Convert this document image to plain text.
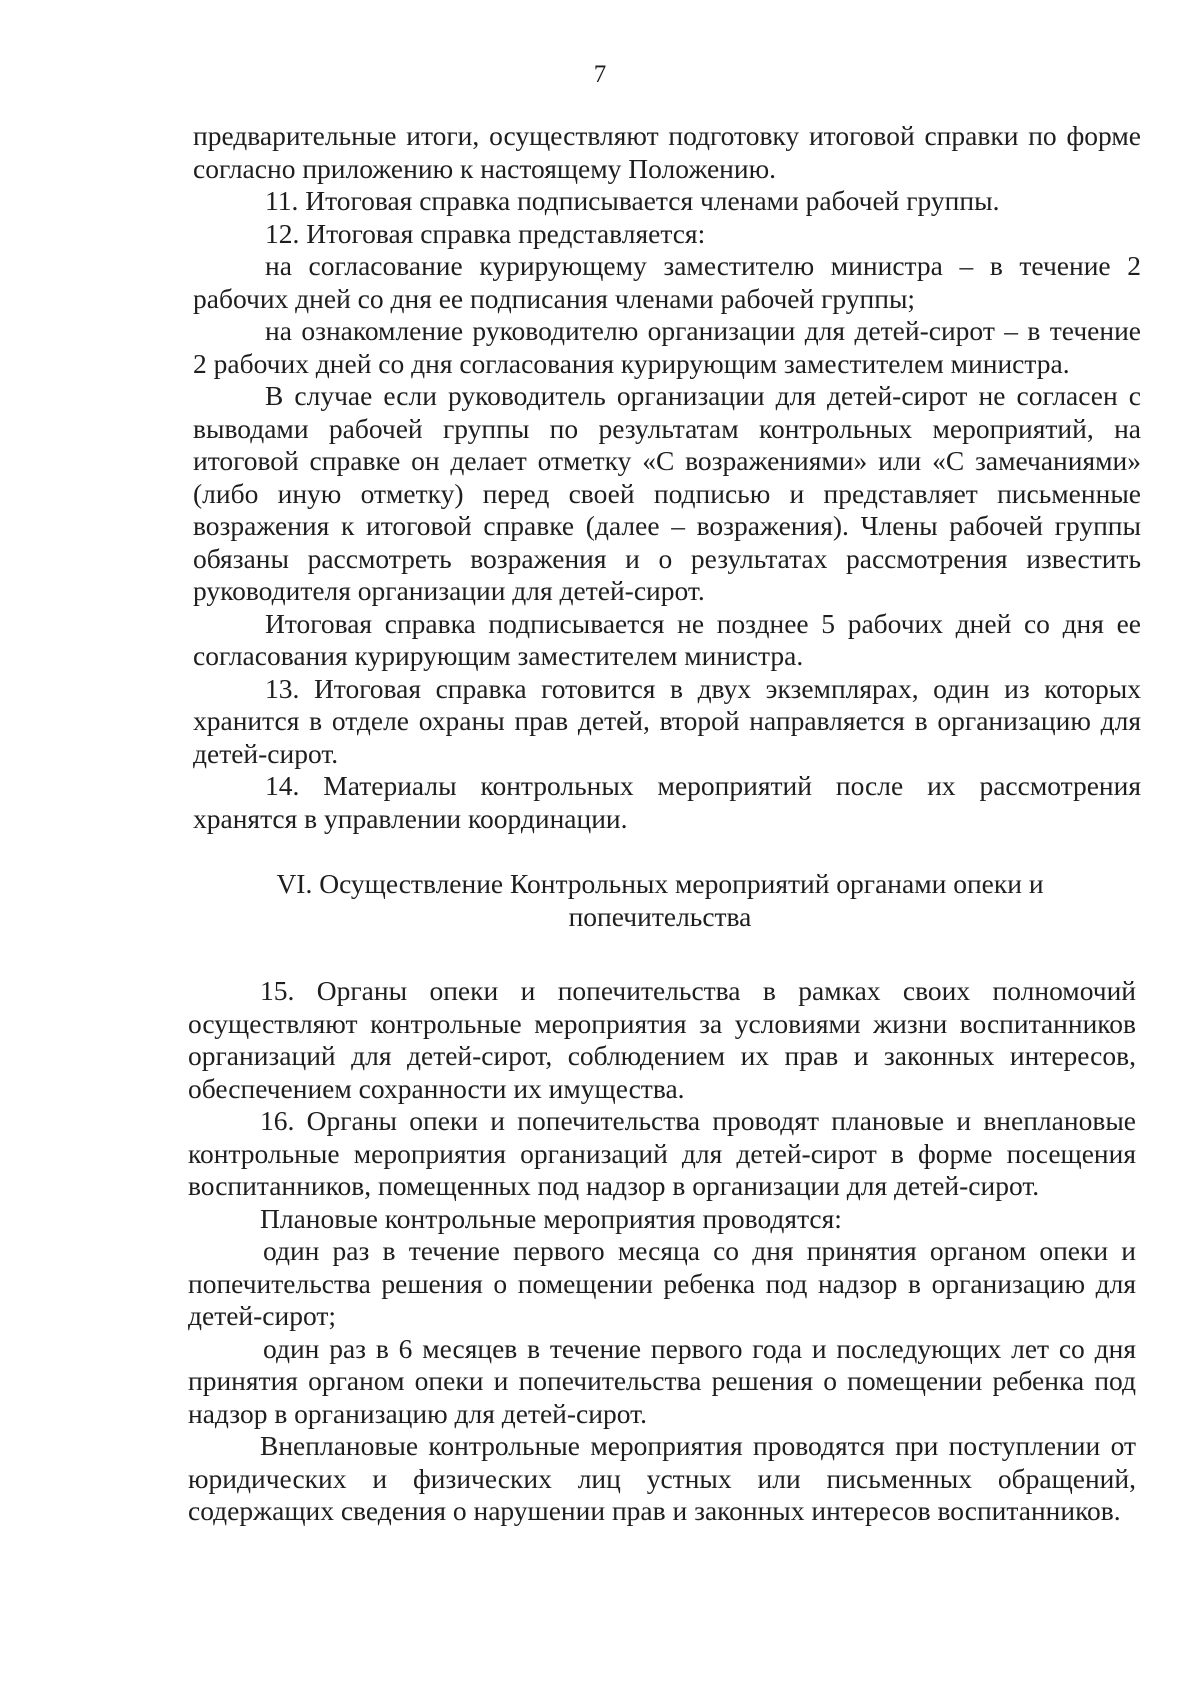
7

предварительные итоги, осуществляют подготовку итоговой справки по форме согласно приложению к настоящему Положению.

11. Итоговая справка подписывается членами рабочей группы.

12. Итоговая справка представляется:

на согласование курирующему заместителю министра – в течение 2 рабочих дней со дня ее подписания членами рабочей группы;

на ознакомление руководителю организации для детей-сирот – в течение 2 рабочих дней со дня согласования курирующим заместителем министра.

В случае если руководитель организации для детей-сирот не согласен с выводами рабочей группы по результатам контрольных мероприятий, на итоговой справке он делает отметку «С возражениями» или «С замечаниями» (либо иную отметку) перед своей подписью и представляет письменные возражения к итоговой справке (далее – возражения). Члены рабочей группы обязаны рассмотреть возражения и о результатах рассмотрения известить руководителя организации для детей-сирот.

Итоговая справка подписывается не позднее 5 рабочих дней со дня ее согласования курирующим заместителем министра.

13. Итоговая справка готовится в двух экземплярах, один из которых хранится в отделе охраны прав детей, второй направляется в организацию для детей-сирот.

14. Материалы контрольных мероприятий после их рассмотрения хранятся в управлении координации.

VI. Осуществление Контрольных мероприятий органами опеки и
попечительства

15. Органы опеки и попечительства в рамках своих полномочий осуществляют контрольные мероприятия за условиями жизни воспитанников организаций для детей-сирот, соблюдением их прав и законных интересов, обеспечением сохранности их имущества.

16. Органы опеки и попечительства проводят плановые и внеплановые контрольные мероприятия организаций для детей-сирот в форме посещения воспитанников, помещенных под надзор в организации для детей-сирот.

Плановые контрольные мероприятия проводятся:

один раз в течение первого месяца со дня принятия органом опеки и попечительства решения о помещении ребенка под надзор в организацию для детей-сирот;

один раз в 6 месяцев в течение первого года и последующих лет со дня принятия органом опеки и попечительства решения о помещении ребенка под надзор в организацию для детей-сирот.

Внеплановые контрольные мероприятия проводятся при поступлении от юридических и физических лиц устных или письменных обращений, содержащих сведения о нарушении прав и законных интересов воспитанников.
